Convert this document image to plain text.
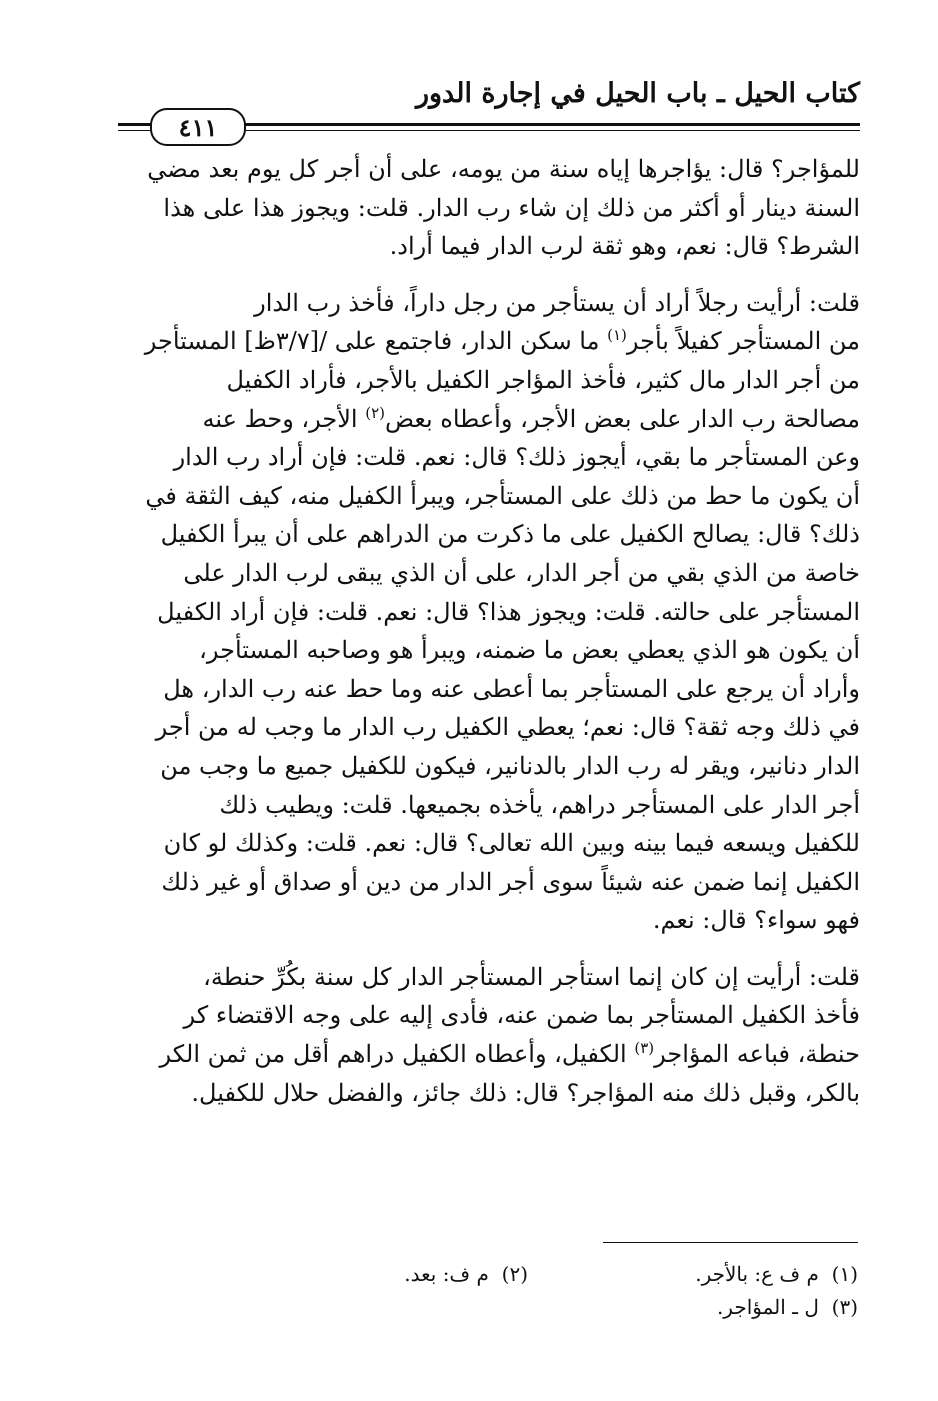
كتاب الحيل ـ باب الحيل في إجارة الدور
٤١١

للمؤاجر؟ قال: يؤاجرها إياه سنة من يومه، على أن أجر كل يوم بعد مضي
السنة دينار أو أكثر من ذلك إن شاء رب الدار. قلت: ويجوز هذا على هذا
الشرط؟ قال: نعم، وهو ثقة لرب الدار فيما أراد.

قلت: أرأيت رجلاً أراد أن يستأجر من رجل داراً، فأخذ رب الدار
من المستأجر كفيلاً بأجر$^{(١)}$ ما سكن الدار، فاجتمع على /[٣/٧ظ] المستأجر
من أجر الدار مال كثير، فأخذ المؤاجر الكفيل بالأجر، فأراد الكفيل
مصالحة رب الدار على بعض الأجر، وأعطاه بعض$^{(٢)}$ الأجر، وحط عنه
وعن المستأجر ما بقي، أيجوز ذلك؟ قال: نعم. قلت: فإن أراد رب الدار
أن يكون ما حط من ذلك على المستأجر، ويبرأ الكفيل منه، كيف الثقة في
ذلك؟ قال: يصالح الكفيل على ما ذكرت من الدراهم على أن يبرأ الكفيل
خاصة من الذي بقي من أجر الدار، على أن الذي يبقى لرب الدار على
المستأجر على حالته. قلت: ويجوز هذا؟ قال: نعم. قلت: فإن أراد الكفيل
أن يكون هو الذي يعطي بعض ما ضمنه، ويبرأ هو وصاحبه المستأجر،
وأراد أن يرجع على المستأجر بما أعطى عنه وما حط عنه رب الدار، هل
في ذلك وجه ثقة؟ قال: نعم؛ يعطي الكفيل رب الدار ما وجب له من أجر
الدار دنانير، ويقر له رب الدار بالدنانير، فيكون للكفيل جميع ما وجب من
أجر الدار على المستأجر دراهم، يأخذه بجميعها. قلت: ويطيب ذلك
للكفيل ويسعه فيما بينه وبين الله تعالى؟ قال: نعم. قلت: وكذلك لو كان
الكفيل إنما ضمن عنه شيئاً سوى أجر الدار من دين أو صداق أو غير ذلك
فهو سواء؟ قال: نعم.

قلت: أرأيت إن كان إنما استأجر المستأجر الدار كل سنة بكُرِّ حنطة،
فأخذ الكفيل المستأجر بما ضمن عنه، فأدى إليه على وجه الاقتضاء كر
حنطة، فباعه المؤاجر$^{(٣)}$ الكفيل، وأعطاه الكفيل دراهم أقل من ثمن الكر
بالكر، وقبل ذلك منه المؤاجر؟ قال: ذلك جائز، والفضل حلال للكفيل.

(١)  م ف ع: بالأجر.(٢)  م ف: بعد.
(٣)  ل ـ المؤاجر.
